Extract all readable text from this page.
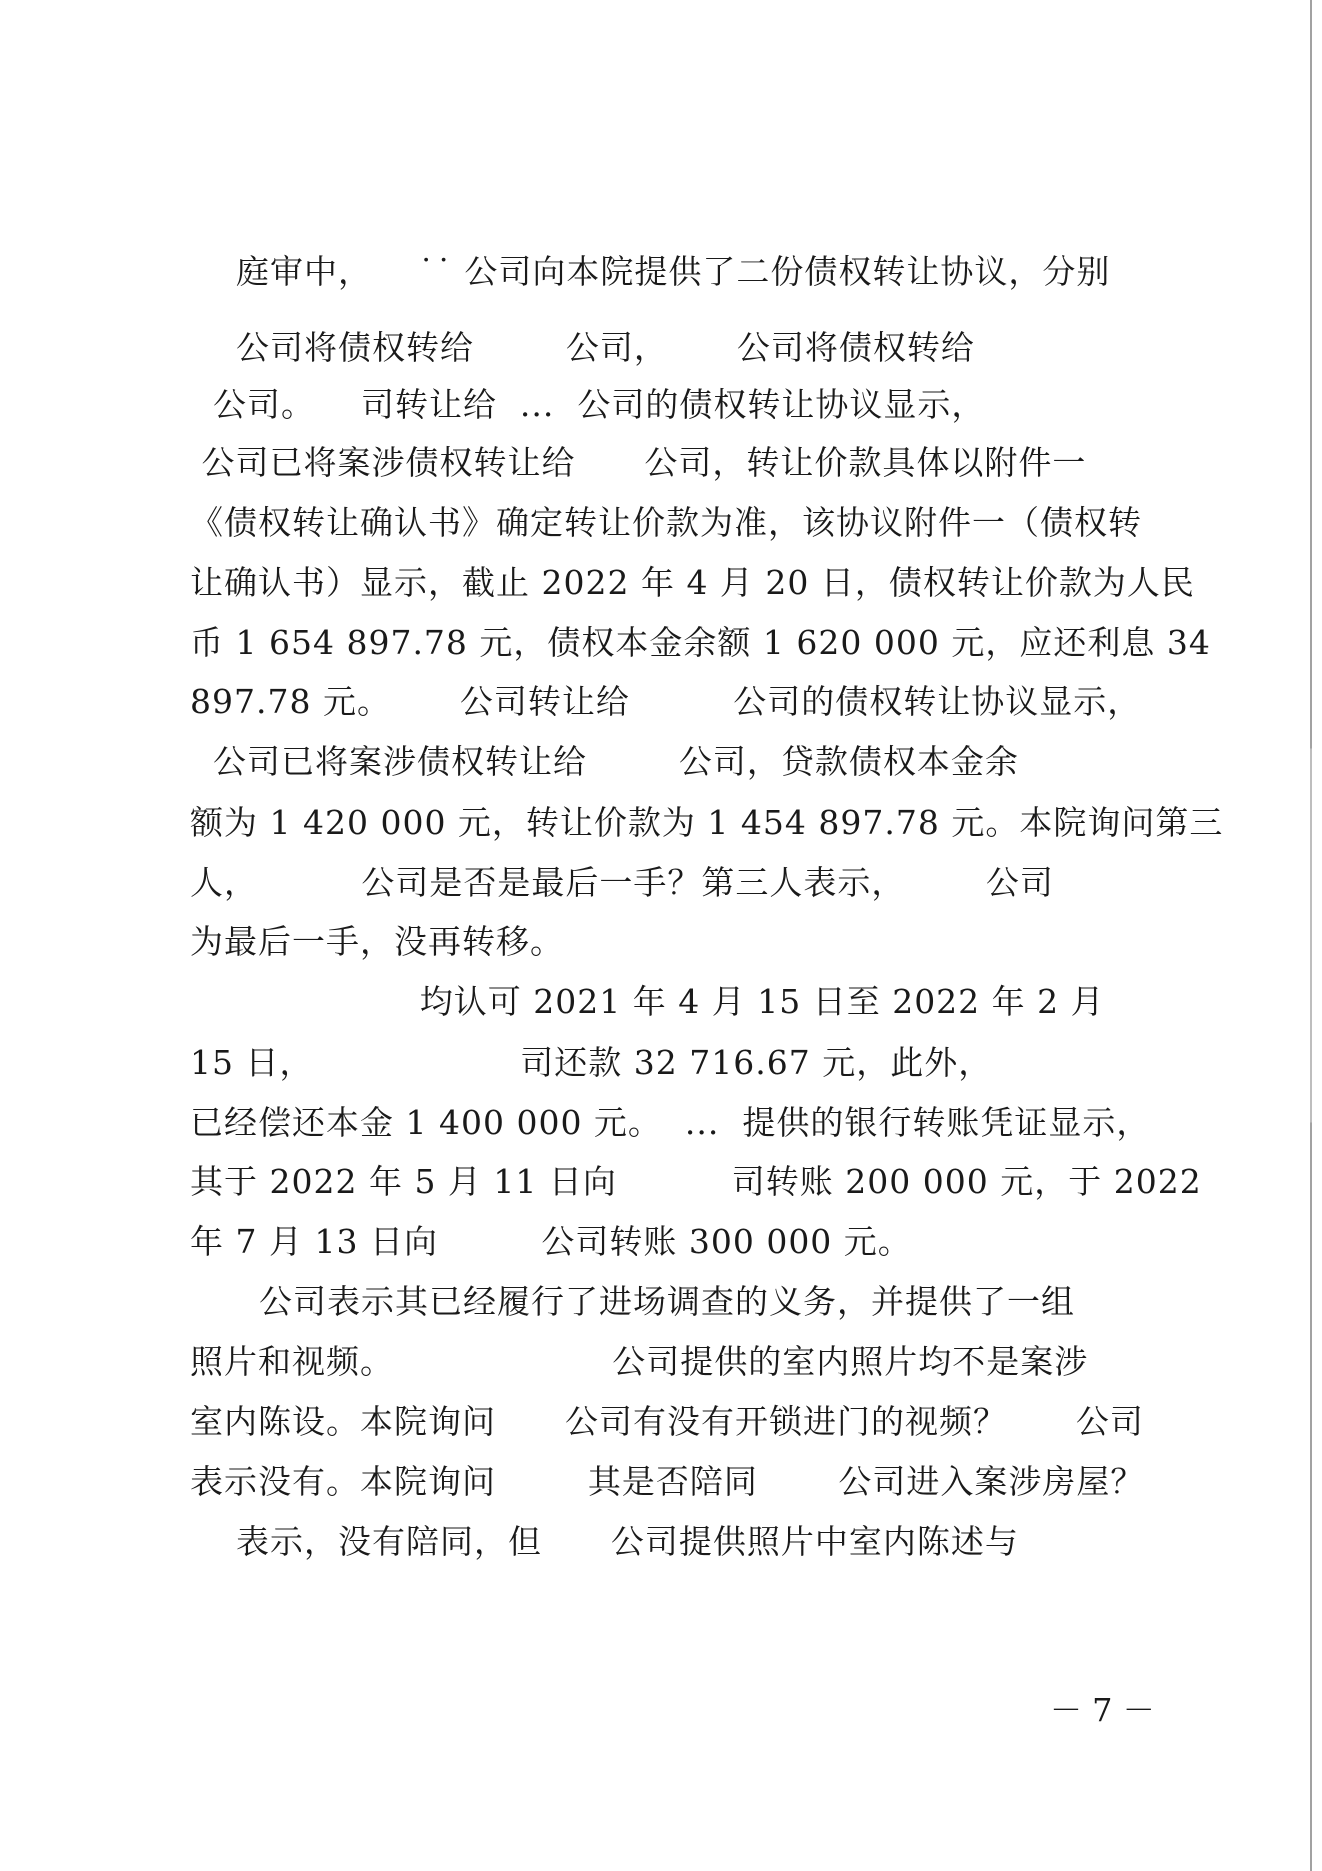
庭审中，    ˙˙ 公司向本院提供了二份债权转让协议，分别
公司将债权转给        公司，      公司将债权转给
公司。    司转让给  ...  公司的债权转让协议显示，
公司已将案涉债权转让给      公司，转让价款具体以附件一
《债权转让确认书》确定转让价款为准，该协议附件一（债权转
让确认书）显示，截止 2022 年 4 月 20 日，债权转让价款为人民
币 1 654 897.78 元，债权本金余额 1 620 000 元，应还利息 34
897.78 元。      公司转让给         公司的债权转让协议显示，
公司已将案涉债权转让给        公司，贷款债权本金余
额为 1 420 000 元，转让价款为 1 454 897.78 元。本院询问第三
人，         公司是否是最后一手？第三人表示，       公司
为最后一手，没再转移。
均认可 2021 年 4 月 15 日至 2022 年 2 月
15 日，                  司还款 32 716.67 元，此外，
已经偿还本金 1 400 000 元。  ...  提供的银行转账凭证显示，
其于 2022 年 5 月 11 日向          司转账 200 000 元，于 2022
年 7 月 13 日向         公司转账 300 000 元。
公司表示其已经履行了进场调查的义务，并提供了一组
照片和视频。                   公司提供的室内照片均不是案涉
室内陈设。本院询问      公司有没有开锁进门的视频？      公司
表示没有。本院询问        其是否陪同       公司进入案涉房屋？
表示，没有陪同，但      公司提供照片中室内陈述与
－ 7 －
